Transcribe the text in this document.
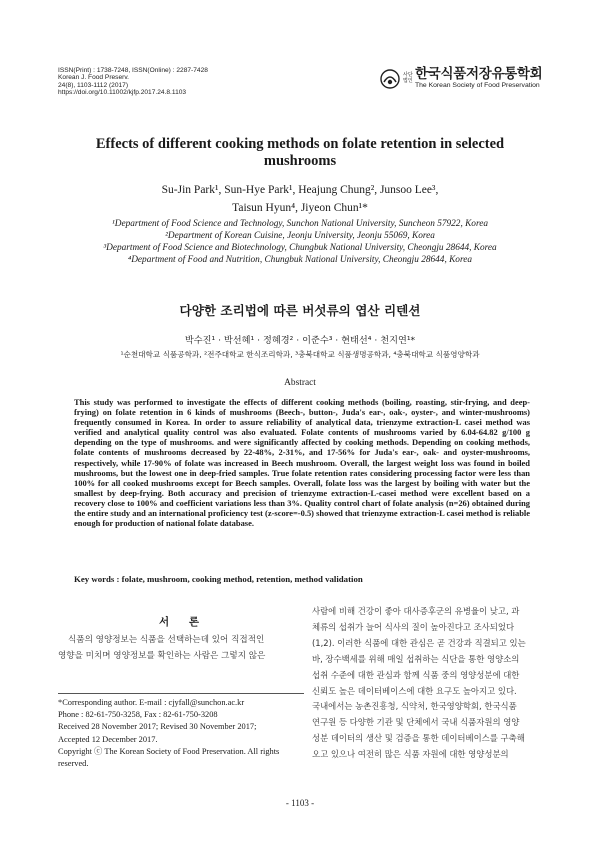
ISSN(Print) : 1738-7248, ISSN(Online) : 2287-7428
Korean J. Food Preserv.
24(8), 1103-1112 (2017)
https://doi.org/10.11002/kjfp.2017.24.8.1103
사단 법인 한국식품저장유통학회
The Korean Society of Food Preservation
Effects of different cooking methods on folate retention in selected mushrooms
Su-Jin Park¹, Sun-Hye Park¹, Heajung Chung², Junsoo Lee³,
Taisun Hyun⁴, Jiyeon Chun¹*
¹Department of Food Science and Technology, Sunchon National University, Suncheon 57922, Korea
²Department of Korean Cuisine, Jeonju University, Jeonju 55069, Korea
³Department of Food Science and Biotechnology, Chungbuk National University, Cheongju 28644, Korea
⁴Department of Food and Nutrition, Chungbuk National University, Cheongju 28644, Korea
다양한 조리법에 따른 버섯류의 엽산 리텐션
박수진¹ · 박선혜¹ · 정혜경² · 이준수³ · 현태선⁴ · 천지연¹*
¹순천대학교 식품공학과, ²전주대학교 한식조리학과, ³충북대학교 식품생명공학과, ⁴충북대학교 식품영양학과
Abstract
This study was performed to investigate the effects of different cooking methods (boiling, roasting, stir-frying, and deep-frying) on folate retention in 6 kinds of mushrooms (Beech-, button-, Juda's ear-, oak-, oyster-, and winter-mushrooms) frequently consumed in Korea. In order to assure reliability of analytical data, trienzyme extraction-L casei method was verified and analytical quality control was also evaluated. Folate contents of mushrooms varied by 6.04-64.82 g/100 g depending on the type of mushrooms. and were significantly affected by cooking methods. Depending on cooking methods, folate contents of mushrooms decreased by 22-48%, 2-31%, and 17-56% for Juda's ear-, oak- and oyster-mushrooms, respectively, while 17-90% of folate was increased in Beech mushroom. Overall, the largest weight loss was found in boiled mushrooms, but the lowest one in deep-fried samples. True folate retention rates considering processing factor were less than 100% for all cooked mushrooms except for Beech samples. Overall, folate loss was the largest by boiling with water but the smallest by deep-frying. Both accuracy and precision of trienzyme extraction-L-casei method were excellent based on a recovery close to 100% and coefficient variations less than 3%. Quality control chart of folate analysis (n=26) obtained during the entire study and an international proficiency test (z-score=-0.5) showed that trienzyme extraction-L casei method is reliable enough for production of national folate database.
Key words : folate, mushroom, cooking method, retention, method validation
서 론
식품의 영양정보는 식품을 선택하는데 있어 직접적인
영향을 미치며 영양정보를 확인하는 사람은 그렇지 않은
*Corresponding author. E-mail : cjyfall@sunchon.ac.kr
Phone : 82-61-750-3258, Fax : 82-61-750-3208
Received 28 November 2017; Revised 30 November 2017;
Accepted 12 December 2017.
Copyright ⓒ The Korean Society of Food Preservation. All rights reserved.
사람에 비해 건강이 좋아 대사증후군의 유병율이 낮고, 과
체류의 섭취가 늘어 식사의 질이 높아진다고 조사되었다
(1,2). 이러한 식품에 대한 관심은 곧 건강과 직결되고 있는
바, 장수백세를 위해 매일 섭취하는 식단을 통한 영양소의
섭취 수준에 대한 관심과 함께 식품 중의 영양성분에 대한
신뢰도 높은 데이터베이스에 대한 요구도 높아지고 있다.
국내에서는 농촌진흥청, 식약처, 한국영양학회, 한국식품
연구원 등 다양한 기관 및 단체에서 국내 식품자원의 영양
성분 데이터의 생산 및 검증을 통한 데이터베이스를 구축해
오고 있으나 여전히 많은 식품 자원에 대한 영양성분의
- 1103 -
